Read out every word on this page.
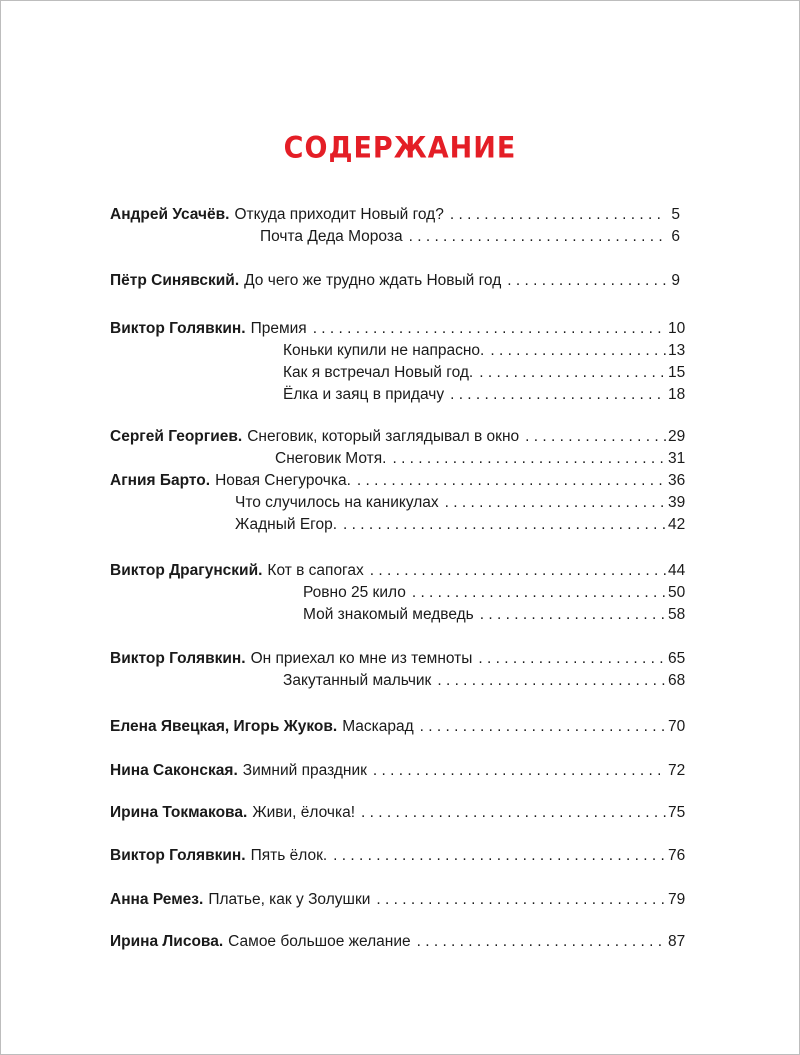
СОДЕРЖАНИЕ
Андрей Усачёв. Откуда приходит Новый год? . . .	5
Почта Деда Мороза . . .	6
Пётр Синявский. До чего же трудно ждать Новый год . . .	9
Виктор Голявкин. Премия . . .	10
Коньки купили не напрасно. . . .	13
Как я встречал Новый год. . . .	15
Ёлка и заяц в придачу . . .	18
Сергей Георгиев. Снеговик, который заглядывал в окно . . .	29
Снеговик Мотя. . . .	31
Агния Барто. Новая Снегурочка. . . .	36
Что случилось на каникулах . . .	39
Жадный Егор. . . .	42
Виктор Драгунский. Кот в сапогах . . .	44
Ровно 25 кило . . .	50
Мой знакомый медведь . . .	58
Виктор Голявкин. Он приехал ко мне из темноты . . .	65
Закутанный мальчик . . .	68
Елена Явецкая, Игорь Жуков. Маскарад . . .	70
Нина Саконская. Зимний праздник . . .	72
Ирина Токмакова. Живи, ёлочка! . . .	75
Виктор Голявкин. Пять ёлок. . . .	76
Анна Ремез. Платье, как у Золушки . . .	79
Ирина Лисова. Самое большое желание . . .	87
